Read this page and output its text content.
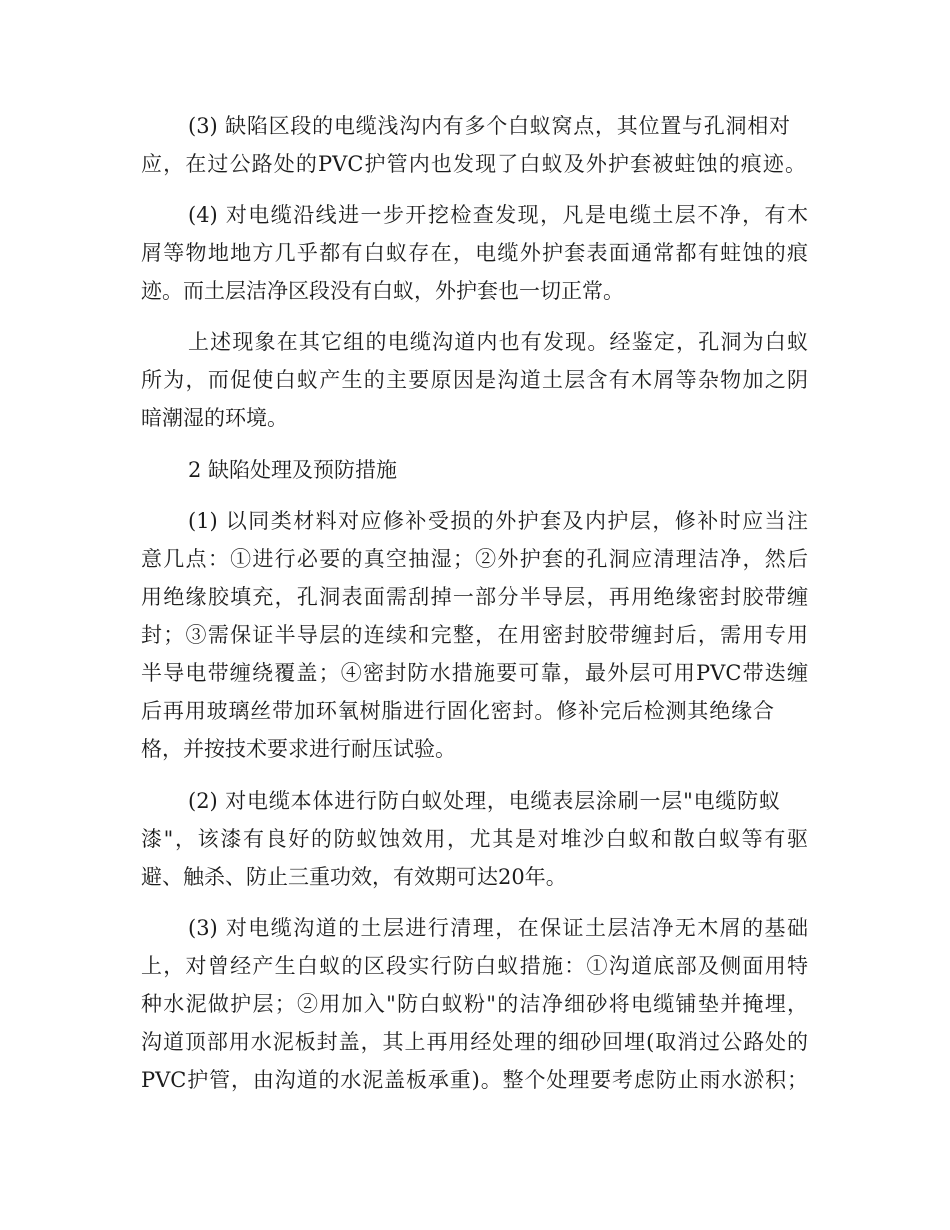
(3) 缺陷区段的电缆浅沟内有多个白蚁窝点，其位置与孔洞相对
应，在过公路处的PVC护管内也发现了白蚁及外护套被蛀蚀的痕迹。
(4) 对电缆沿线进一步开挖检查发现，凡是电缆土层不净，有木
屑等物地地方几乎都有白蚁存在，电缆外护套表面通常都有蛀蚀的痕
迹。而土层洁净区段没有白蚁，外护套也一切正常。
上述现象在其它组的电缆沟道内也有发现。经鉴定，孔洞为白蚁
所为，而促使白蚁产生的主要原因是沟道土层含有木屑等杂物加之阴
暗潮湿的环境。
2 缺陷处理及预防措施
(1) 以同类材料对应修补受损的外护套及内护层，修补时应当注
意几点：①进行必要的真空抽湿；②外护套的孔洞应清理洁净，然后
用绝缘胶填充，孔洞表面需刮掉一部分半导层，再用绝缘密封胶带缠
封；③需保证半导层的连续和完整，在用密封胶带缠封后，需用专用
半导电带缠绕覆盖；④密封防水措施要可靠，最外层可用PVC带迭缠
后再用玻璃丝带加环氧树脂进行固化密封。修补完后检测其绝缘合
格，并按技术要求进行耐压试验。
(2) 对电缆本体进行防白蚁处理，电缆表层涂刷一层"电缆防蚁
漆"，该漆有良好的防蚁蚀效用，尤其是对堆沙白蚁和散白蚁等有驱
避、触杀、防止三重功效，有效期可达20年。
(3) 对电缆沟道的土层进行清理，在保证土层洁净无木屑的基础
上，对曾经产生白蚁的区段实行防白蚁措施：①沟道底部及侧面用特
种水泥做护层；②用加入"防白蚁粉"的洁净细砂将电缆铺垫并掩埋，
沟道顶部用水泥板封盖，其上再用经处理的细砂回埋(取消过公路处的
PVC护管，由沟道的水泥盖板承重)。整个处理要考虑防止雨水淤积；
